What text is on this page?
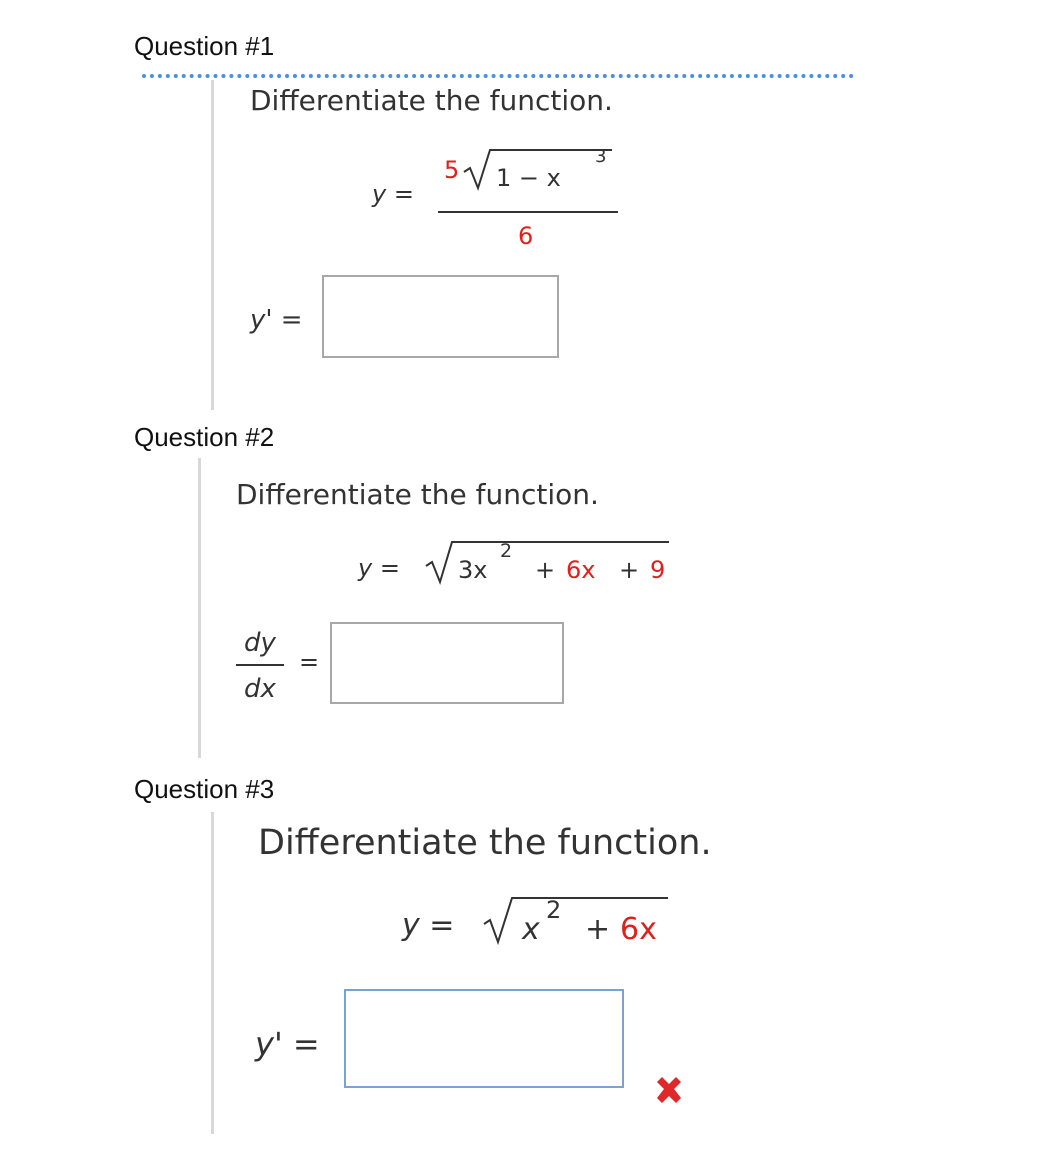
Question #1
Differentiate the function.
y =
5 1 − x
3
6
y' =
Question #2
Differentiate the function.
y = 3x
2
+ 6x + 9
dy
dx
=
Question #3
Differentiate the function.
y = x
2
+ 6x
y' =
